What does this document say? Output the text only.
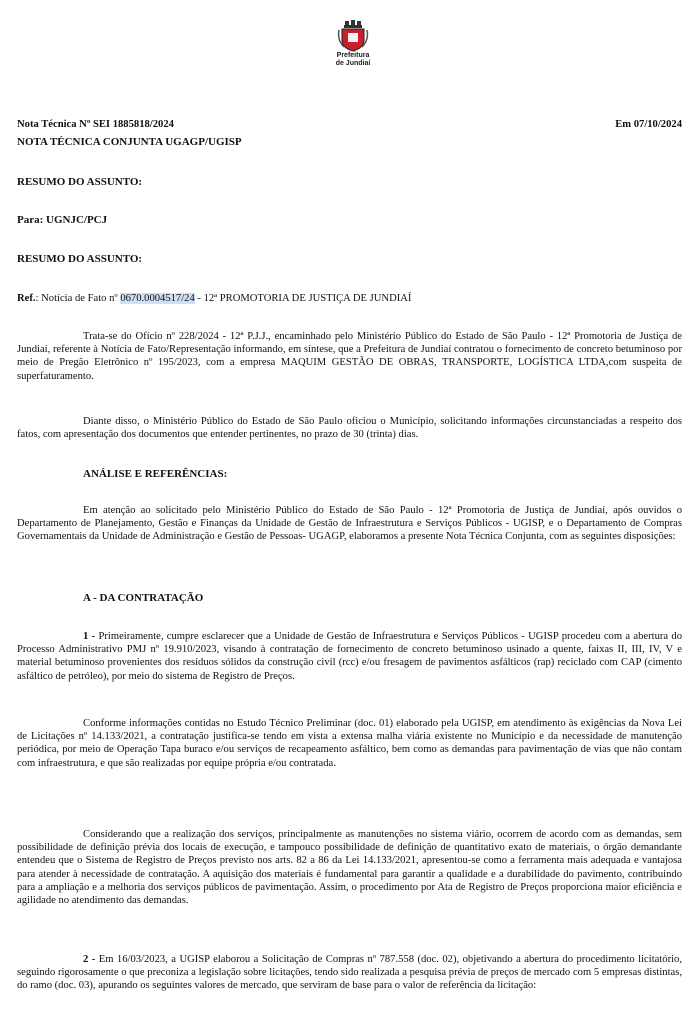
Prefeitura
de Jundiaí
Nota Técnica Nº SEI 1885818/2024	Em 07/10/2024
NOTA TÉCNICA CONJUNTA UGAGP/UGISP
RESUMO DO ASSUNTO:
Para: UGNJC/PCJ
RESUMO DO ASSUNTO:
Ref.: Notícia de Fato nº 0670.0004517/24 - 12ª PROMOTORIA DE JUSTIÇA DE JUNDIAÍ
Trata-se do Ofício nº 228/2024 - 12ª P.J.J., encaminhado pelo Ministério Público do Estado de São Paulo - 12ª Promotoria de Justiça de Jundiaí, referente à Notícia de Fato/Representação informando, em síntese, que a Prefeitura de Jundiaí contratou o fornecimento de concreto betuminoso por meio de Pregão Eletrônico nº 195/2023, com a empresa MAQUIM GESTÃO DE OBRAS, TRANSPORTE, LOGÍSTICA LTDA,com suspeita de superfaturamento.
Diante disso, o Ministério Público do Estado de São Paulo oficiou o Município, solicitando informações circunstanciadas a respeito dos fatos, com apresentação dos documentos que entender pertinentes, no prazo de 30 (trinta) dias.
ANÁLISE E REFERÊNCIAS:
Em atenção ao solicitado pelo Ministério Público do Estado de São Paulo - 12ª Promotoria de Justiça de Jundiaí, após ouvidos o Departamento de Planejamento, Gestão e Finanças da Unidade de Gestão de Infraestrutura e Serviços Públicos - UGISP, e o Departamento de Compras Governamentais da Unidade de Administração e Gestão de Pessoas- UGAGP, elaboramos a presente Nota Técnica Conjunta, com as seguintes disposições:
A - DA CONTRATAÇÃO
1 - Primeiramente, cumpre esclarecer que a Unidade de Gestão de Infraestrutura e Serviços Públicos - UGISP procedeu com a abertura do Processo Administrativo PMJ nº 19.910/2023, visando à contratação de fornecimento de concreto betuminoso usinado a quente, faixas II, III, IV, V e material betuminoso provenientes dos resíduos sólidos da construção civil (rcc) e/ou fresagem de pavimentos asfálticos (rap) reciclado com CAP (cimento asfáltico de petróleo), por meio do sistema de Registro de Preços.
Conforme informações contidas no Estudo Técnico Preliminar (doc. 01) elaborado pela UGISP, em atendimento às exigências da Nova Lei de Licitações nº 14.133/2021, a contratação justifica-se tendo em vista a extensa malha viária existente no Município e da necessidade de manutenção periódica, por meio de Operação Tapa buraco e/ou serviços de recapeamento asfáltico, bem como as demandas para pavimentação de vias que não contam com infraestrutura, e que são realizadas por equipe própria e/ou contratada.
Considerando que a realização dos serviços, principalmente as manutenções no sistema viário, ocorrem de acordo com as demandas, sem possibilidade de definição prévia dos locais de execução, e tampouco possibilidade de definição de quantitativo exato de materiais, o órgão demandante entendeu que o Sistema de Registro de Preços previsto nos arts. 82 a 86 da Lei 14.133/2021, apresentou-se como a ferramenta mais adequada e vantajosa para atender à necessidade de contratação. A aquisição dos materiais é fundamental para garantir a qualidade e a durabilidade do pavimento, contribuindo para a ampliação e a melhoria dos serviços públicos de pavimentação. Assim, o procedimento por Ata de Registro de Preços proporciona maior eficiência e agilidade no atendimento das demandas.
2 - Em 16/03/2023, a UGISP elaborou a Solicitação de Compras nº 787.558 (doc. 02), objetivando a abertura do procedimento licitatório, seguindo rigorosamente o que preconiza a legislação sobre licitações, tendo sido realizada a pesquisa prévia de preços de mercado com 5 empresas distintas, do ramo (doc. 03), apurando os seguintes valores de mercado, que serviram de base para o valor de referência da licitação:
